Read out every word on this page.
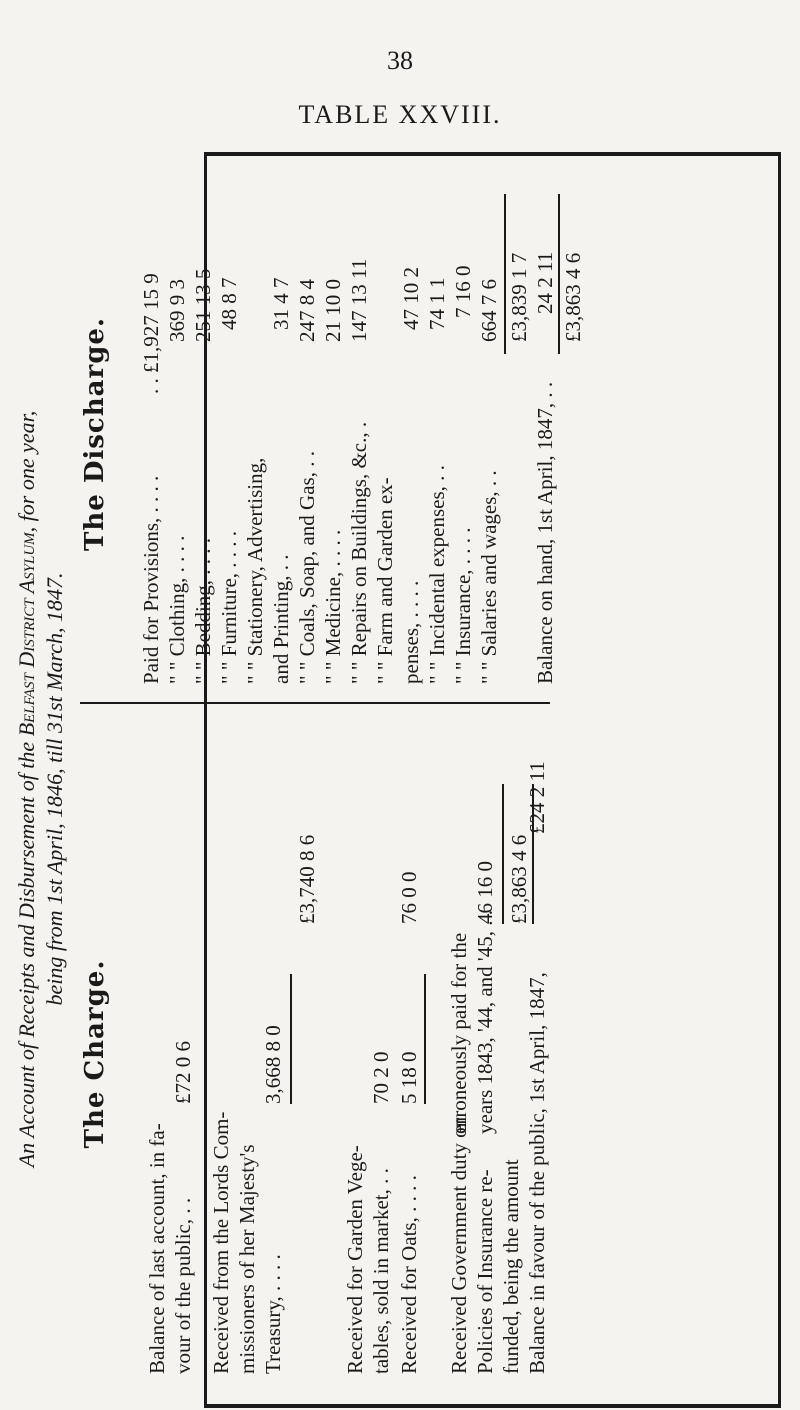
38
TABLE XXVIII.
An Account of Receipts and Disbursement of the Belfast District Asylum, for one year,
being from 1st April, 1846, till 31st March, 1847.
The Charge.
Balance of last account, in fa- vour of the public, . .
£72 0 6
Received from the Lords Com- missioners of her Majesty's Treasury, . . . .
3,668 8 0
£3,740 8 6
Received for Garden Vege- tables, sold in market, . .
70 2 0
Received for Oats, . . . .
5 18 0
76 0 0
Received Government duty on Policies of Insurance re- funded, being the amount
erroneously paid for the years 1843, '44, and '45, . .
46 16 0 £3,863 4 6
Balance in favour of the public, 1st April, 1847,
£24 2 11
The Discharge.
Paid for Provisions, . . . .
. . £1,927 15 9
" " Clothing, . . . .
369 9 3
" " Bedding, . . . .
251 13 5
" " Furniture, . . . .
48 8 7
" " Stationery, Advertising, and Printing, . .
31 4 7
" " Coals, Soap, and Gas, . .
247 8 4
" " Medicine, . . . .
21 10 0
" " Repairs on Buildings, &c., .
147 13 11
" " Farm and Garden ex- penses, . . . .
47 10 2
" " Incidental expenses, . .
74 1 1
" " Insurance, . . . .
7 16 0
" " Salaries and wages, . .
664 7 6 £3,839 1 7
Balance on hand, 1st April, 1847, . .
24 2 11 £3,863 4 6
